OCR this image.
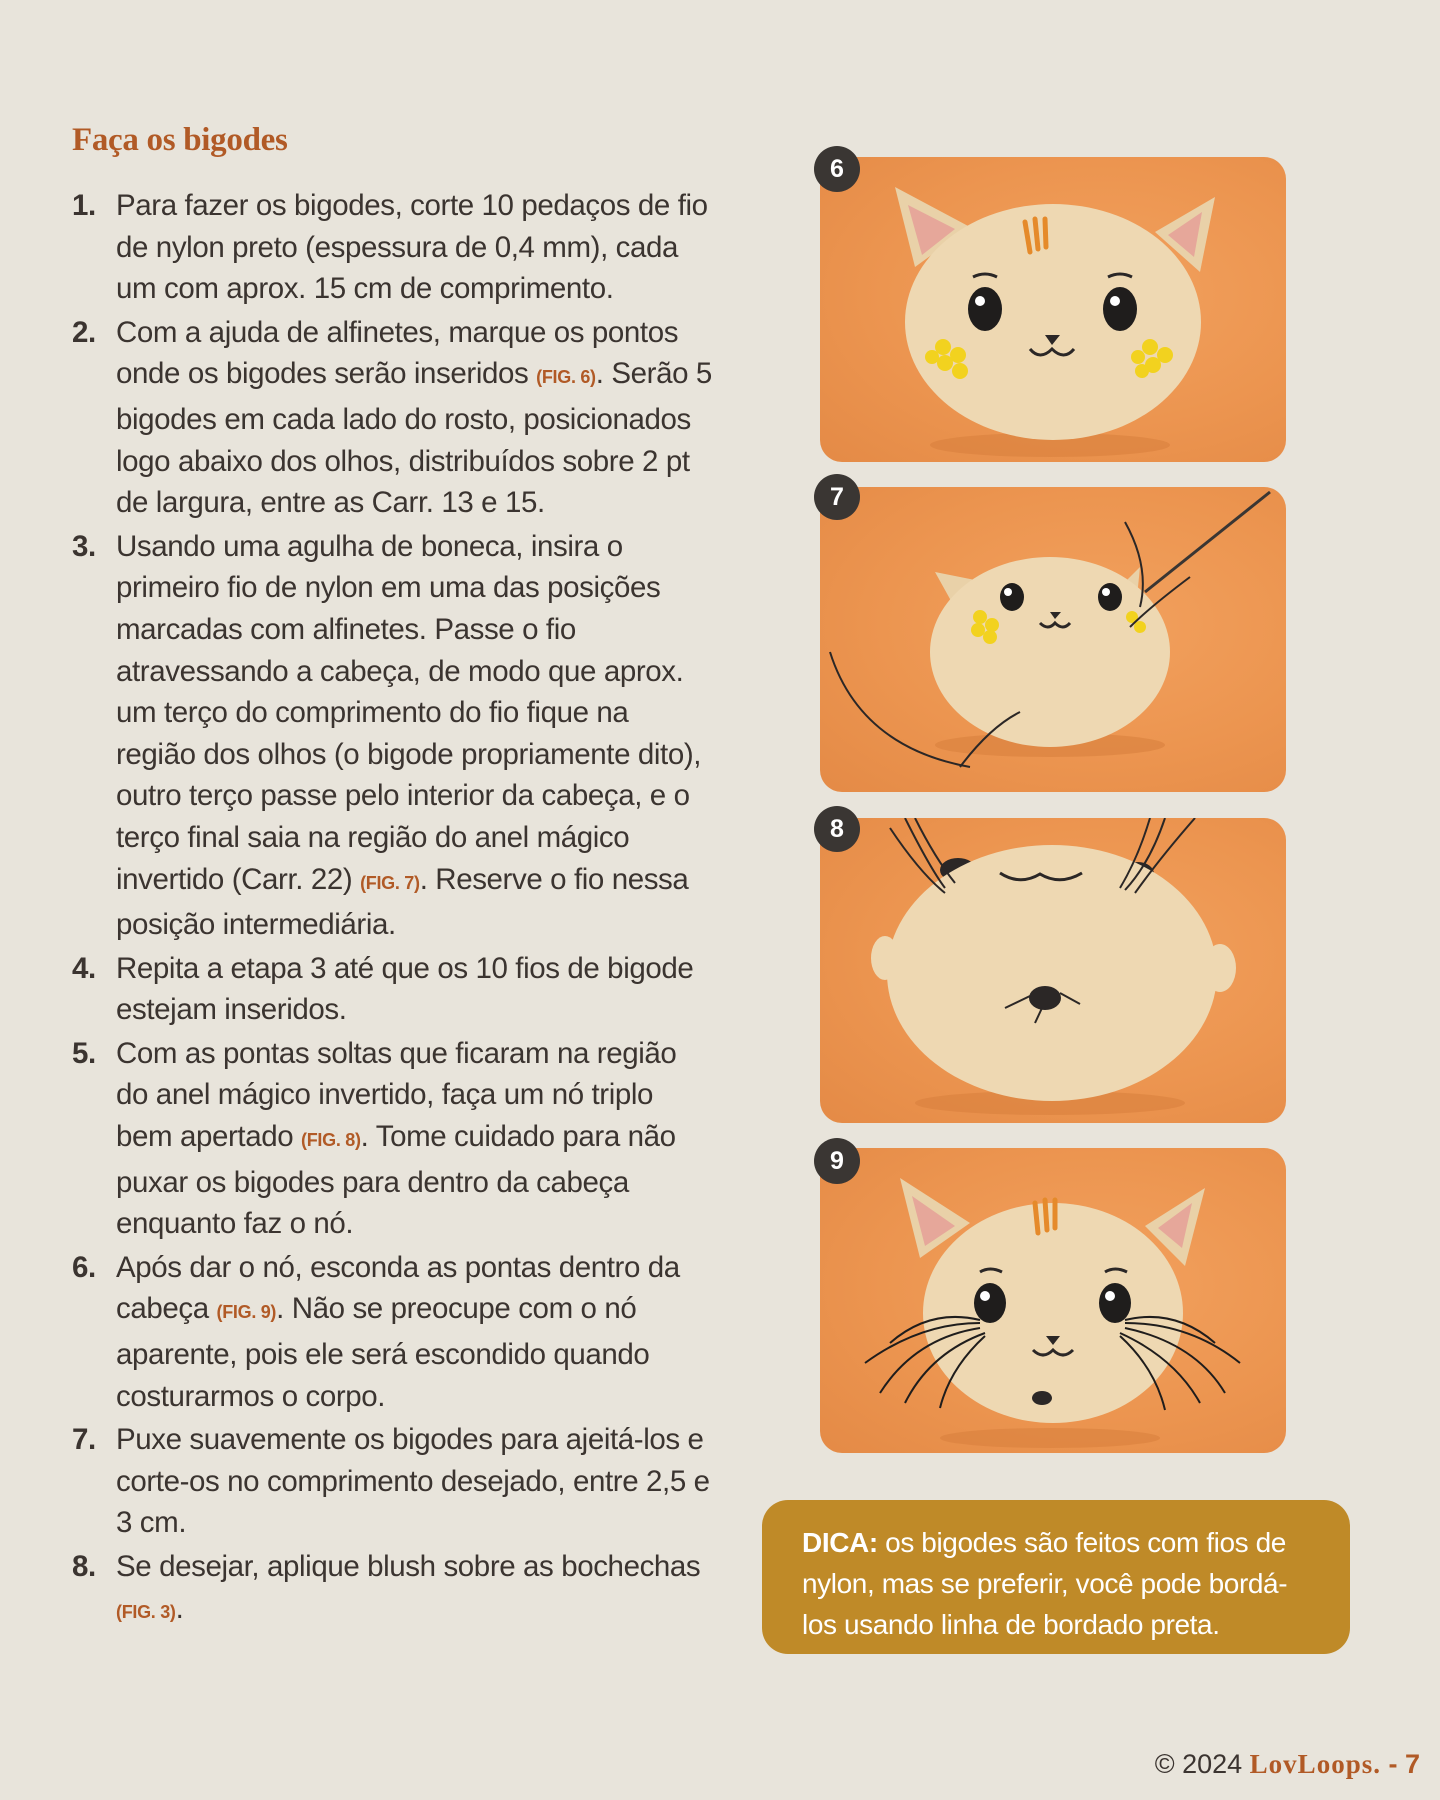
Faça os bigodes
1. Para fazer os bigodes, corte 10 pedaços de fio de nylon preto (espessura de 0,4 mm), cada um com aprox. 15 cm de comprimento.
2. Com a ajuda de alfinetes, marque os pontos onde os bigodes serão inseridos (FIG. 6). Serão 5 bigodes em cada lado do rosto, posicionados logo abaixo dos olhos, distribuídos sobre 2 pt de largura, entre as Carr. 13 e 15.
3. Usando uma agulha de boneca, insira o primeiro fio de nylon em uma das posições marcadas com alfinetes. Passe o fio atravessando a cabeça, de modo que aprox. um terço do comprimento do fio fique na região dos olhos (o bigode propriamente dito), outro terço passe pelo interior da cabeça, e o terço final saia na região do anel mágico invertido (Carr. 22) (FIG. 7). Reserve o fio nessa posição intermediária.
4. Repita a etapa 3 até que os 10 fios de bigode estejam inseridos.
5. Com as pontas soltas que ficaram na região do anel mágico invertido, faça um nó triplo bem apertado (FIG. 8). Tome cuidado para não puxar os bigodes para dentro da cabeça enquanto faz o nó.
6. Após dar o nó, esconda as pontas dentro da cabeça (FIG. 9). Não se preocupe com o nó aparente, pois ele será escondido quando costurarmos o corpo.
7. Puxe suavemente os bigodes para ajeitá-los e corte-os no comprimento desejado, entre 2,5 e 3 cm.
8. Se desejar, aplique blush sobre as bochechas (FIG. 3).
6
7
8
9
DICA: os bigodes são feitos com fios de nylon, mas se preferir, você pode bordá-los usando linha de bordado preta.
© 2024 LovLoops. - 7
